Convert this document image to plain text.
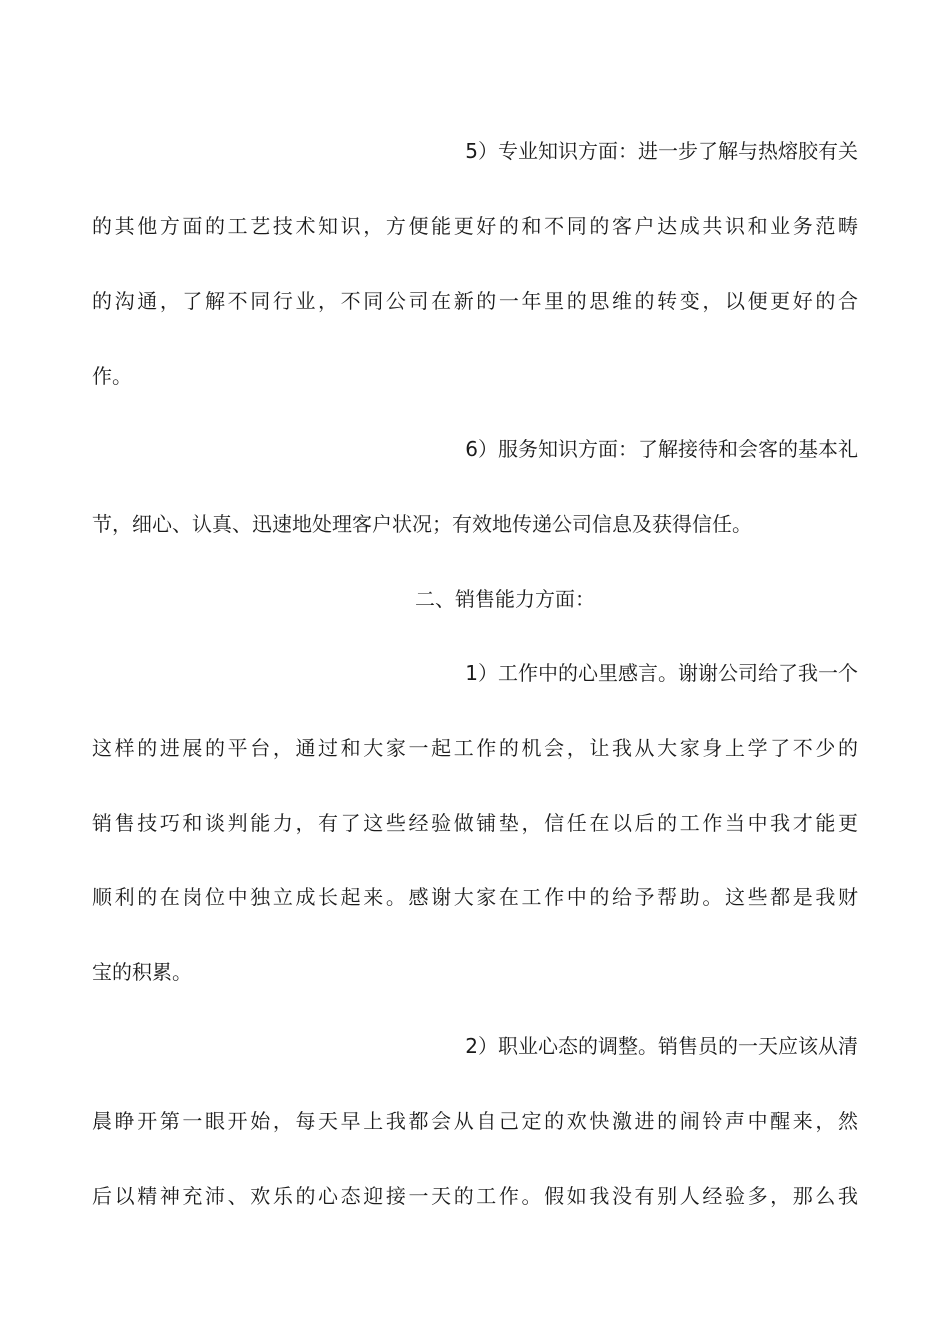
5）专业知识方面：进一步了解与热熔胶有关
的其他方面的工艺技术知识，方便能更好的和不同的客户达成共识和业务范畴
的沟通，了解不同行业，不同公司在新的一年里的思维的转变，以便更好的合
作。
6）服务知识方面：了解接待和会客的基本礼
节，细心、认真、迅速地处理客户状况；有效地传递公司信息及获得信任。
二、销售能力方面：
1）工作中的心里感言。谢谢公司给了我一个
这样的进展的平台，通过和大家一起工作的机会，让我从大家身上学了不少的
销售技巧和谈判能力，有了这些经验做铺垫，信任在以后的工作当中我才能更
顺利的在岗位中独立成长起来。感谢大家在工作中的给予帮助。这些都是我财
宝的积累。
2）职业心态的调整。销售员的一天应该从清
晨睁开第一眼开始，每天早上我都会从自己定的欢快激进的闹铃声中醒来，然
后以精神充沛、欢乐的心态迎接一天的工作。假如我没有别人经验多，那么我
